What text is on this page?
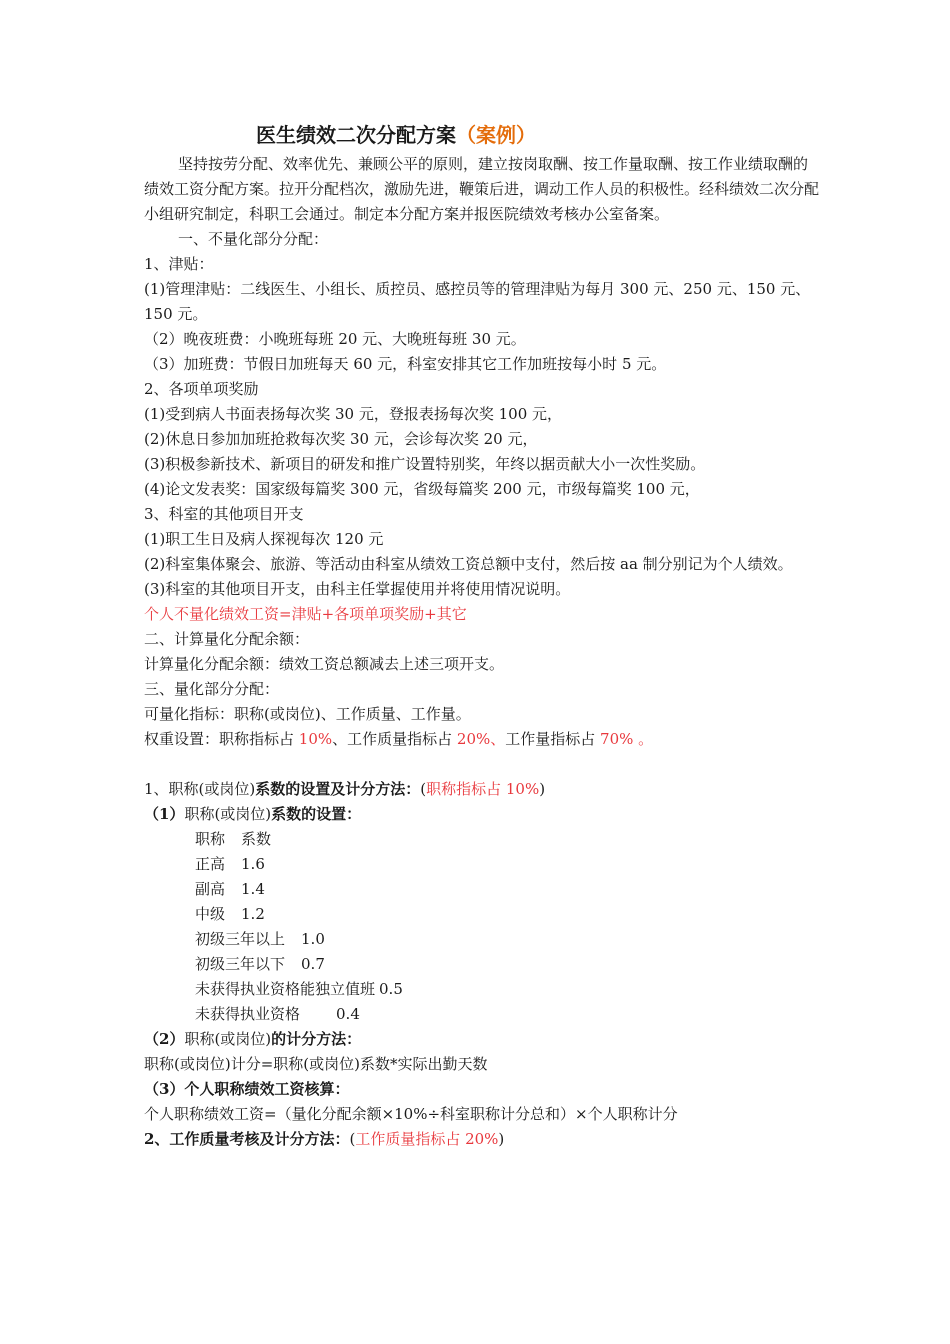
医生绩效二次分配方案（案例）

坚持按劳分配、效率优先、兼顾公平的原则，建立按岗取酬、按工作量取酬、按工作业绩取酬的绩效工资分配方案。拉开分配档次，激励先进，鞭策后进，调动工作人员的积极性。经科绩效二次分配小组研究制定，科职工会通过。制定本分配方案并报医院绩效考核办公室备案。

一、不量化部分分配：

1、津贴：

(1)管理津贴：二线医生、小组长、质控员、感控员等的管理津贴为每月 300 元、250 元、150 元、150 元。

（2）晚夜班费：小晚班每班 20 元、大晚班每班 30 元。

（3）加班费：节假日加班每天 60 元，科室安排其它工作加班按每小时 5 元。

2、各项单项奖励

(1)受到病人书面表扬每次奖 30 元，登报表扬每次奖 100 元，

(2)休息日参加加班抢救每次奖 30 元，会诊每次奖 20 元，

(3)积极参新技术、新项目的研发和推广设置特别奖，年终以据贡献大小一次性奖励。

(4)论文发表奖：国家级每篇奖 300 元，省级每篇奖 200 元，市级每篇奖 100 元，

3、科室的其他项目开支

(1)职工生日及病人探视每次 120 元

(2)科室集体聚会、旅游、等活动由科室从绩效工资总额中支付，然后按 aa 制分别记为个人绩效。

(3)科室的其他项目开支，由科主任掌握使用并将使用情况说明。

个人不量化绩效工资=津贴+各项单项奖励+其它

二、计算量化分配余额：

计算量化分配余额：绩效工资总额减去上述三项开支。

三、量化部分分配：

可量化指标：职称(或岗位)、工作质量、工作量。

权重设置：职称指标占 10%、工作质量指标占 20%、工作量指标占 70% 。

1、职称(或岗位)系数的设置及计分方法：(职称指标占 10%)

（1）职称(或岗位)系数的设置：

职称 系数

正高 1.6

副高 1.4

中级 1.2

初级三年以上 1.0

初级三年以下 0.7

未获得执业资格能独立值班 0.5

未获得执业资格 0.4

（2）职称(或岗位)的计分方法：

职称(或岗位)计分=职称(或岗位)系数*实际出勤天数

（3）个人职称绩效工资核算：

个人职称绩效工资=（量化分配余额×10%÷科室职称计分总和）×个人职称计分

2、工作质量考核及计分方法：(工作质量指标占 20%)
